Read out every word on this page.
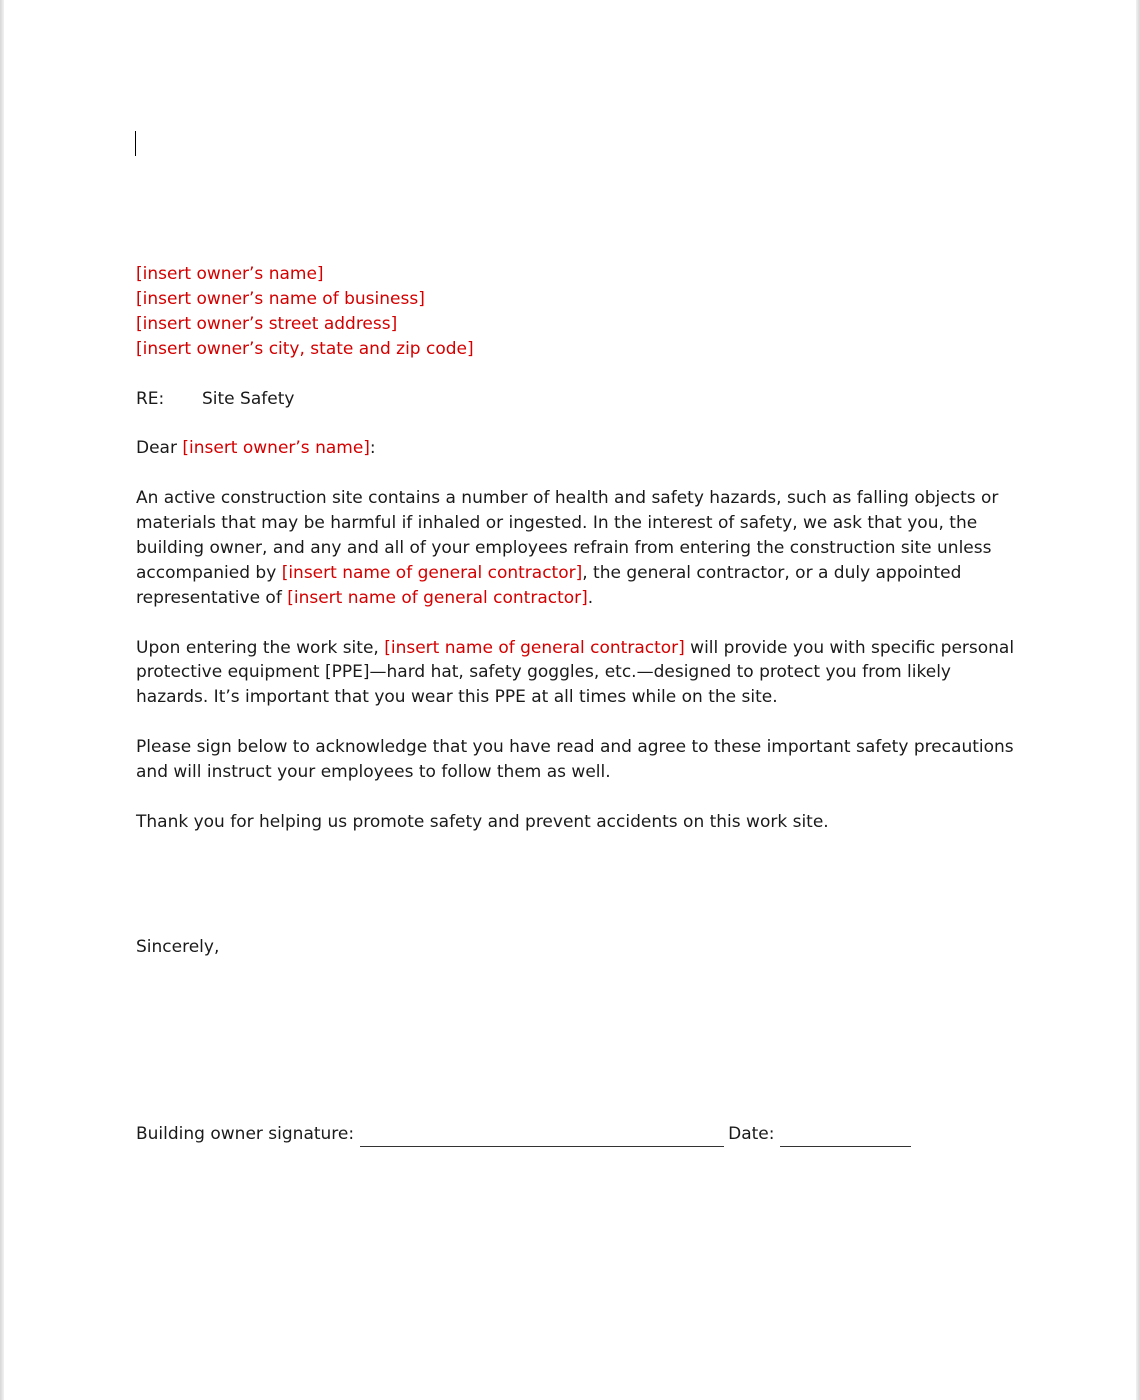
[insert owner’s name]
[insert owner’s name of business]
[insert owner’s street address]
[insert owner’s city, state and zip code]
RE:	Site Safety

Dear [insert owner’s name]:

An active construction site contains a number of health and safety hazards, such as falling objects or materials that may be harmful if inhaled or ingested. In the interest of safety, we ask that you, the building owner, and any and all of your employees refrain from entering the construction site unless accompanied by [insert name of general contractor], the general contractor, or a duly appointed representative of [insert name of general contractor].

Upon entering the work site, [insert name of general contractor] will provide you with specific personal protective equipment [PPE]—hard hat, safety goggles, etc.—designed to protect you from likely hazards. It’s important that you wear this PPE at all times while on the site.

Please sign below to acknowledge that you have read and agree to these important safety precautions and will instruct your employees to follow them as well.

Thank you for helping us promote safety and prevent accidents on this work site.

Sincerely,

Building owner signature:	Date:
